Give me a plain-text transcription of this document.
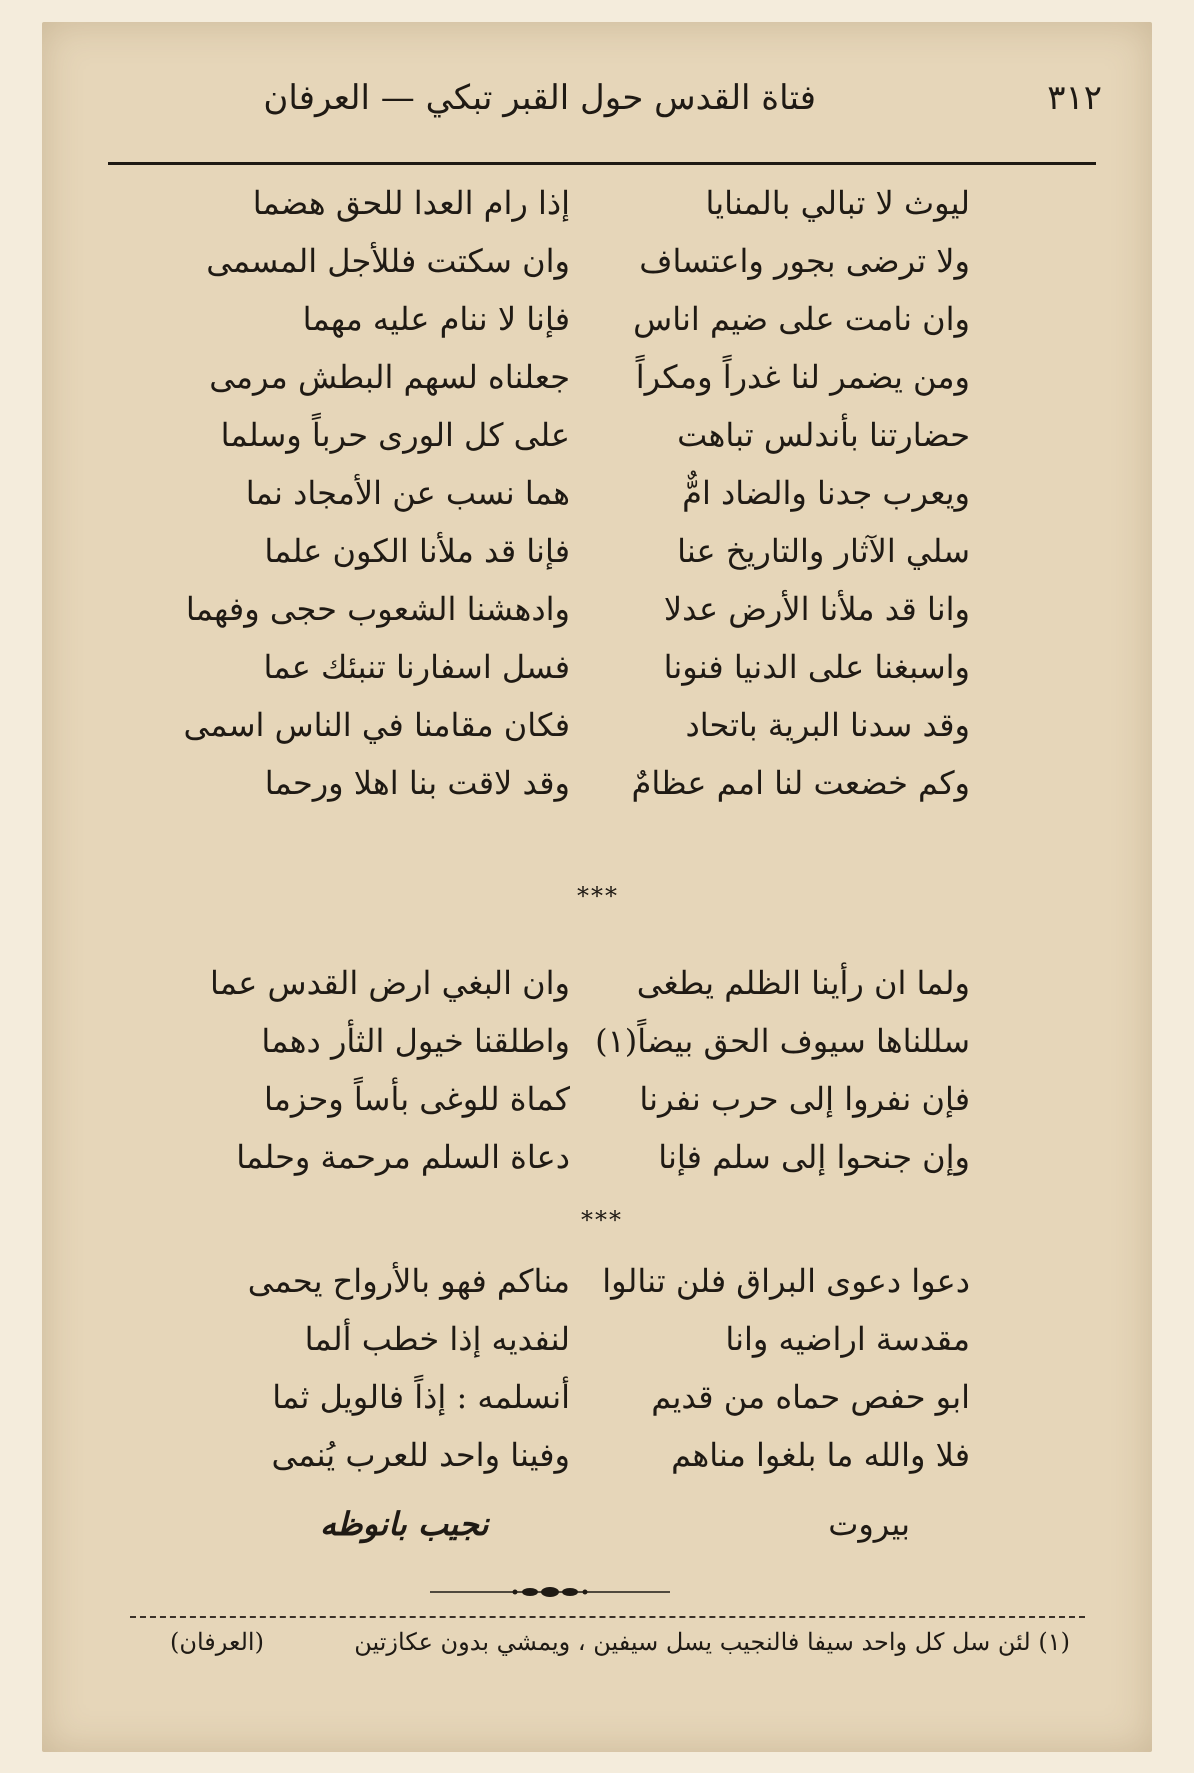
٣١٢
فتاة القدس حول القبر تبكي — العرفان
ليوث لا تبالي بالمنايا
إذا رام العدا للحق هضما
ولا ترضى بجور واعتساف
وان سكتت فللأجل المسمى
وان نامت على ضيم اناس
فإنا لا ننام عليه مهما
ومن يضمر لنا غدراً ومكراً
جعلناه لسهم البطش مرمى
حضارتنا بأندلس تباهت
على كل الورى حرباً وسلما
ويعرب جدنا والضاد امٌّ
هما نسب عن الأمجاد نما
سلي الآثار والتاريخ عنا
فإنا قد ملأنا الكون علما
وانا قد ملأنا الأرض عدلا
وادهشنا الشعوب حجى وفهما
واسبغنا على الدنيا فنونا
فسل اسفارنا تنبئك عما
وقد سدنا البرية باتحاد
فكان مقامنا في الناس اسمى
وكم خضعت لنا امم عظامٌ
وقد لاقت بنا اهلا ورحما
***
ولما ان رأينا الظلم يطغى
وان البغي ارض القدس عما
سللناها سيوف الحق بيضاً(١)
واطلقنا خيول الثأر دهما
فإن نفروا إلى حرب نفرنا
كماة للوغى بأساً وحزما
وإن جنحوا إلى سلم فإنا
دعاة السلم مرحمة وحلما
***
دعوا دعوى البراق فلن تنالوا
مناكم فهو بالأرواح يحمى
مقدسة اراضيه وانا
لنفديه إذا خطب ألما
ابو حفص حماه من قديم
أنسلمه : إذاً فالويل ثما
فلا والله ما بلغوا مناهم
وفينا واحد للعرب يُنمى
بيروت
نجيب بانوظه
(١) لئن سل كل واحد سيفا فالنجيب يسل سيفين ، ويمشي بدون عكازتين
(العرفان)
